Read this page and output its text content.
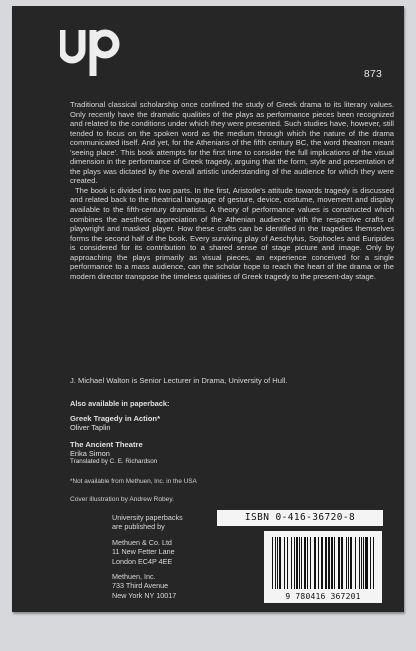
873

Traditional classical scholarship once confined the study of Greek drama to its literary values. Only recently have the dramatic qualities of the plays as performance pieces been recognized and related to the conditions under which they were presented. Such studies have, however, still tended to focus on the spoken word as the medium through which the nature of the drama communicated itself. And yet, for the Athenians of the fifth century BC, the word theatron meant 'seeing place'. This book attempts for the first time to consider the full implications of the visual dimension in the performance of Greek tragedy, arguing that the form, style and presentation of the plays was dictated by the overall artistic understanding of the audience for which they were created.

The book is divided into two parts. In the first, Aristotle's attitude towards tragedy is discussed and related back to the theatrical language of gesture, device, costume, movement and display available to the fifth-century dramatists. A theory of performance values is constructed which combines the aesthetic appreciation of the Athenian audience with the respective crafts of playwright and masked player. How these crafts can be identified in the tragedies themselves forms the second half of the book. Every surviving play of Aeschylus, Sophocles and Euripides is considered for its contribution to a shared sense of stage picture and image. Only by approaching the plays primarily as visual pieces, an experience conceived for a single performance to a mass audience, can the scholar hope to reach the heart of the drama or the modern director transpose the timeless qualities of Greek tragedy to the present-day stage.

J. Michael Walton is Senior Lecturer in Drama, University of Hull.
Also available in paperback:
Greek Tragedy in Action*
Oliver Taplin
The Ancient Theatre
Erika Simon
Translated by C. E. Richardson
*Not available from Methuen, Inc. in the USA
Cover illustration by Andrew Robey.
University paperbacks
are published by
Methuen & Co. Ltd
11 New Fetter Lane
London EC4P 4EE
Methuen, Inc.
733 Third Avenue
New York NY 10017
ISBN 0-416-36720-8
9 780416 367201
